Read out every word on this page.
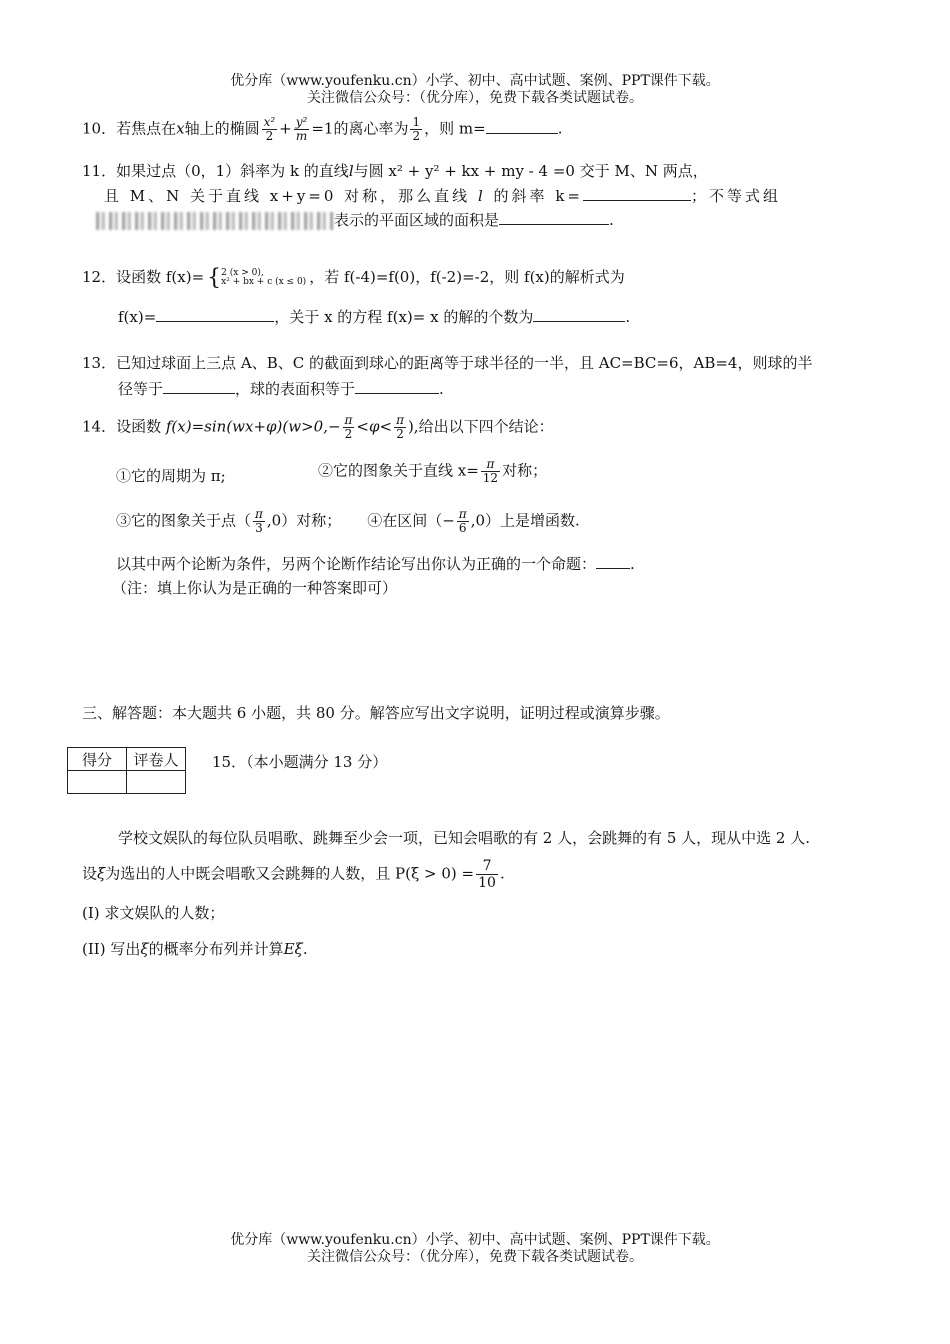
优分库（www.youfenku.cn）小学、初中、高中试题、案例、PPT课件下载。
关注微信公众号：（优分库），免费下载各类试题试卷。
10．若焦点在x轴上的椭圆 $\frac{\text{x²}}{2} + \frac{\text{y²}}{m} =1$的离心率为 $\frac{1}{2}$ ，则 m=	.
11．如果过点（0，1）斜率为 k 的直线l与圆 x² + y² + kx + my - 4 =0 交于 M、N 两点，
且 M、N 关于直线 x+y=0 对称，那么直线 l 的斜率 k=	；不等式组
表示的平面区域的面积是	.
12．设函数 f(x)= { 2 (x > 0),
x² + bx + c (x ≤ 0) ，若 f(-4)=f(0)，f(-2)=-2，则 f(x)的解析式为
f(x)=	，关于 x 的方程 f(x)= x 的解的个数为	.
13．已知过球面上三点 A、B、C 的截面到球心的距离等于球半径的一半，且 AC=BC=6，AB=4，则球的半
径等于	，球的表面积等于	.
14．设函数 $f(x)=\sin(wx+\varphi)(w>0,- \frac{\pi}{2} <\varphi< \frac{\pi}{2}$ ),给出以下四个结论：
①它的周期为 π;	②它的图象关于直线 $x= \frac{\pi}{12}$ 对称；
③它的图象关于点（ $\frac{\pi}{3} ,0$）对称； ④在区间（− $\frac{\pi}{6} ,0$）上是增函数.
以其中两个论断为条件，另两个论断作结论写出你认为正确的一个命题： .
（注：填上你认为是正确的一种答案即可）
三、解答题：本大题共 6 小题，共 80 分。解答应写出文字说明，证明过程或演算步骤。
得分	评卷人
	15．（本小题满分 13 分）
学校文娱队的每位队员唱歌、跳舞至少会一项，已知会唱歌的有 2 人，会跳舞的有 5 人，现从中选 2 人.
设ξ为选出的人中既会唱歌又会跳舞的人数，且 $P(\xi > 0) = \frac{7}{10}$ .
(I) 求文娱队的人数；
(II) 写出ξ的概率分布列并计算Eξ.
优分库（www.youfenku.cn）小学、初中、高中试题、案例、PPT课件下载。
关注微信公众号：（优分库），免费下载各类试题试卷。
